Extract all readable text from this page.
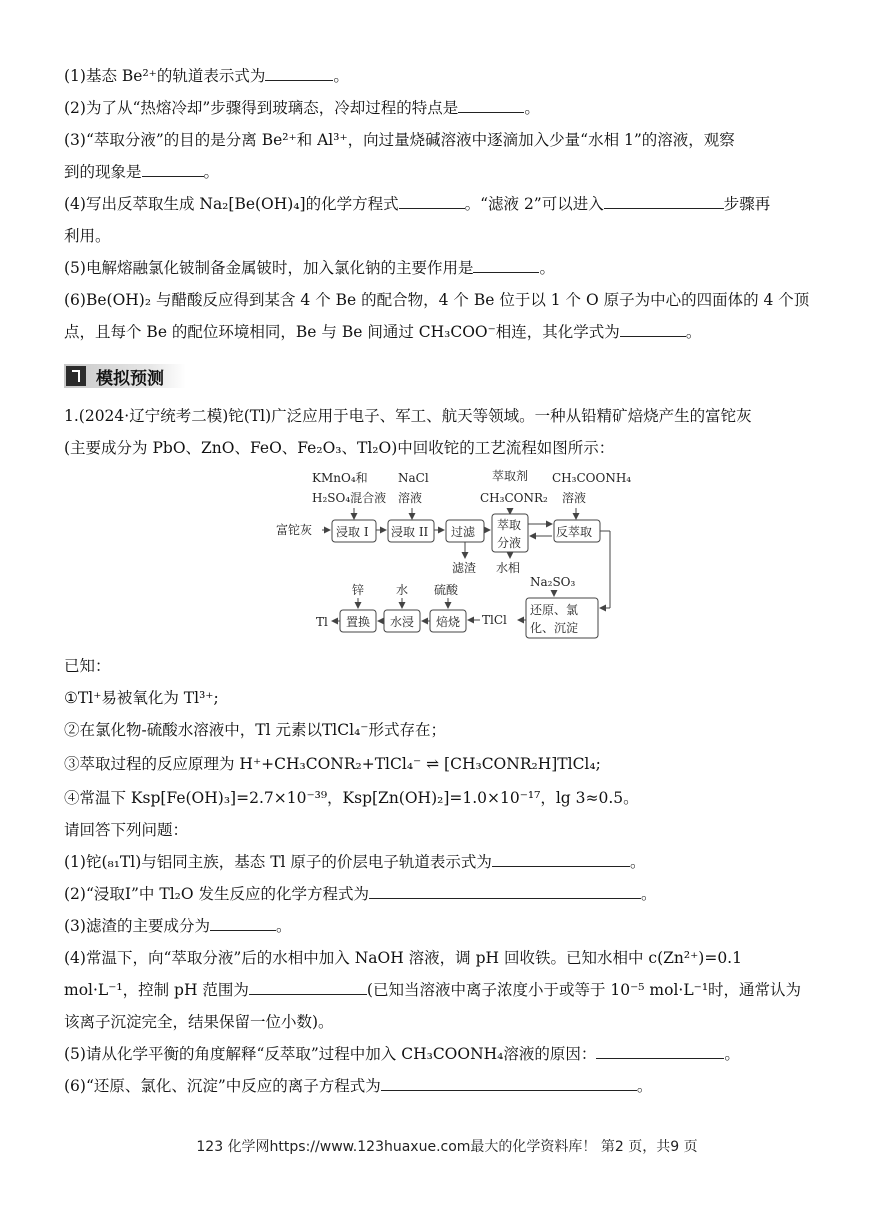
(1)基态 Be²⁺的轨道表示式为	。
(2)为了从“热熔冷却”步骤得到玻璃态，冷却过程的特点是	。
(3)“萃取分液”的目的是分离 Be²⁺和 Al³⁺，向过量烧碱溶液中逐滴加入少量“水相 1”的溶液，观察
到的现象是	。
(4)写出反萃取生成 Na₂[Be(OH)₄]的化学方程式	。“滤液 2”可以进入	步骤再
利用。
(5)电解熔融氯化铍制备金属铍时，加入氯化钠的主要作用是	。
(6)Be(OH)₂ 与醋酸反应得到某含 4 个 Be 的配合物，4 个 Be 位于以 1 个 O 原子为中心的四面体的 4 个顶
点，且每个 Be 的配位环境相同，Be 与 Be 间通过 CH₃COO⁻相连，其化学式为	。
模拟预测
1.(2024·辽宁统考二模)铊(Tl)广泛应用于电子、军工、航天等领域。一种从铅精矿焙烧产生的富铊灰
(主要成分为 PbO、ZnO、FeO、Fe₂O₃、Tl₂O)中回收铊的工艺流程如图所示：
KMnO₄和
H₂SO₄混合液
NaCl
溶液
萃取剂
CH₃CONR₂
CH₃COONH₄
溶液
富铊灰 浸取 I 浸取 II 过滤 萃取
分液
反萃取
滤渣 水相
Na₂SO₃
还原、氯
化、沉淀
TlCl
焙烧
水浸
置换
Tl
硫酸
水
锌
已知：
①Tl⁺易被氧化为 Tl³⁺;
②在氯化物-硫酸水溶液中，Tl 元素以TlCl₄⁻形式存在；
③萃取过程的反应原理为 H⁺+CH₃CONR₂+TlCl₄⁻ ⇌ [CH₃CONR₂H]TlCl₄;
④常温下 Ksp[Fe(OH)₃]=2.7×10⁻³⁹，Ksp[Zn(OH)₂]=1.0×10⁻¹⁷，lg 3≈0.5。
请回答下列问题：
(1)铊(₈₁Tl)与铝同主族，基态 Tl 原子的价层电子轨道表示式为	。
(2)“浸取Ⅰ”中 Tl₂O 发生反应的化学方程式为	。
(3)滤渣的主要成分为	。
(4)常温下，向“萃取分液”后的水相中加入 NaOH 溶液，调 pH 回收铁。已知水相中 c(Zn²⁺)=0.1
mol·L⁻¹，控制 pH 范围为	(已知当溶液中离子浓度小于或等于 10⁻⁵ mol·L⁻¹时，通常认为
该离子沉淀完全，结果保留一位小数)。
(5)请从化学平衡的角度解释“反萃取”过程中加入 CH₃COONH₄溶液的原因：	。
(6)“还原、氯化、沉淀”中反应的离子方程式为	。
123 化学网https://www.123huaxue.com最大的化学资料库！ 第2 页，共9 页
